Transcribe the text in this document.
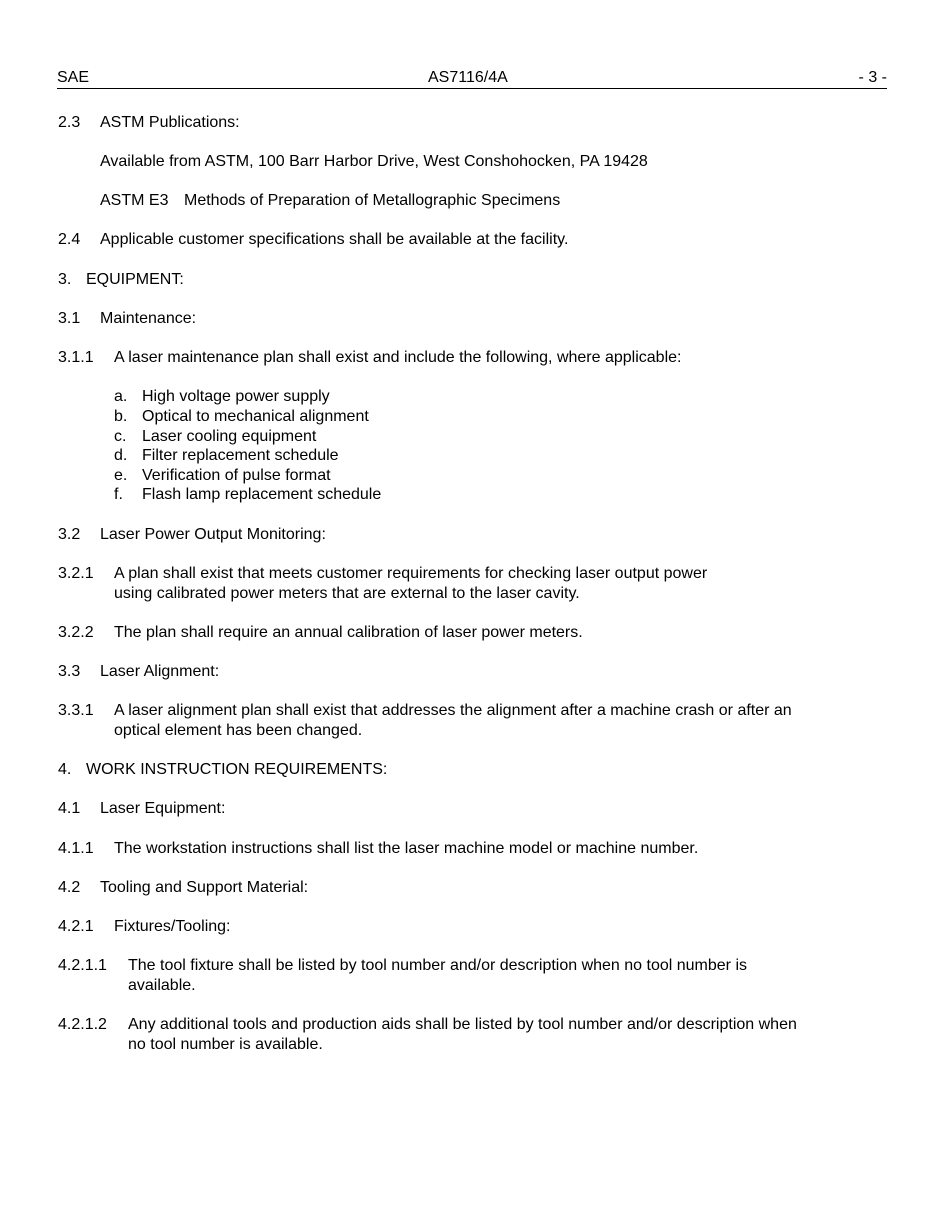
SAE	AS7116/4A	- 3 -
2.3 ASTM Publications:
Available from ASTM, 100 Barr Harbor Drive, West Conshohocken, PA 19428
ASTM E3 Methods of Preparation of Metallographic Specimens
2.4 Applicable customer specifications shall be available at the facility.
3. EQUIPMENT:
3.1 Maintenance:
3.1.1 A laser maintenance plan shall exist and include the following, where applicable:
a. High voltage power supply
b. Optical to mechanical alignment
c. Laser cooling equipment
d. Filter replacement schedule
e. Verification of pulse format
f. Flash lamp replacement schedule
3.2 Laser Power Output Monitoring:
3.2.1 A plan shall exist that meets customer requirements for checking laser output power
using calibrated power meters that are external to the laser cavity.
3.2.2 The plan shall require an annual calibration of laser power meters.
3.3 Laser Alignment:
3.3.1 A laser alignment plan shall exist that addresses the alignment after a machine crash or after an
optical element has been changed.
4. WORK INSTRUCTION REQUIREMENTS:
4.1 Laser Equipment:
4.1.1 The workstation instructions shall list the laser machine model or machine number.
4.2 Tooling and Support Material:
4.2.1 Fixtures/Tooling:
4.2.1.1 The tool fixture shall be listed by tool number and/or description when no tool number is
available.
4.2.1.2 Any additional tools and production aids shall be listed by tool number and/or description when
no tool number is available.
